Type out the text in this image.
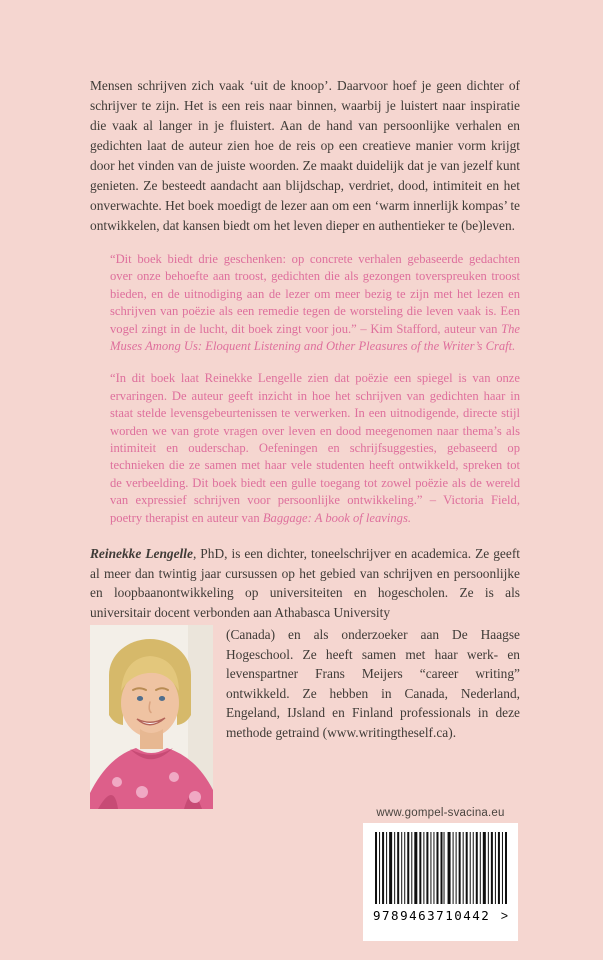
Mensen schrijven zich vaak ‘uit de knoop’. Daarvoor hoef je geen dichter of schrijver te zijn. Het is een reis naar binnen, waarbij je luistert naar inspiratie die vaak al langer in je fluistert. Aan de hand van persoonlijke verhalen en gedichten laat de auteur zien hoe de reis op een creatieve manier vorm krijgt door het vinden van de juiste woorden. Ze maakt duidelijk dat je van jezelf kunt genieten. Ze besteedt aandacht aan blijdschap, verdriet, dood, intimiteit en het onverwachte. Het boek moedigt de lezer aan om een ‘warm innerlijk kompas’ te ontwikkelen, dat kansen biedt om het leven dieper en authentieker te (be)leven.

“Dit boek biedt drie geschenken: op concrete verhalen gebaseerde gedachten over onze behoefte aan troost, gedichten die als gezongen toverspreuken troost bieden, en de uitnodiging aan de lezer om meer bezig te zijn met het lezen en schrijven van poëzie als een remedie tegen de worsteling die leven vaak is. Een vogel zingt in de lucht, dit boek zingt voor jou.” – Kim Stafford, auteur van The Muses Among Us: Eloquent Listening and Other Pleasures of the Writer’s Craft.

“In dit boek laat Reinekke Lengelle zien dat poëzie een spiegel is van onze ervaringen. De auteur geeft inzicht in hoe het schrijven van gedichten haar in staat stelde levensgebeurtenissen te verwerken. In een uitnodigende, directe stijl worden we van grote vragen over leven en dood meegenomen naar thema’s als intimiteit en ouderschap. Oefeningen en schrijfsuggesties, gebaseerd op technieken die ze samen met haar vele studenten heeft ontwikkeld, spreken tot de verbeelding. Dit boek biedt een gulle toegang tot zowel poëzie als de wereld van expressief schrijven voor persoonlijke ontwikkeling.” – Victoria Field, poetry therapist en auteur van Baggage: A book of leavings.

Reinekke Lengelle, PhD, is een dichter, toneelschrijver en academica. Ze geeft al meer dan twintig jaar cursussen op het gebied van schrijven en persoonlijke en loopbaanontwikkeling op universiteiten en hogescholen. Ze is als universitair docent verbonden aan Athabasca University

(Canada) en als onderzoeker aan De Haagse Hogeschool. Ze heeft samen met haar werk- en levenspartner Frans Meijers “career writing” ontwikkeld. Ze hebben in Canada, Nederland, Engeland, IJsland en Finland professionals in deze methode getraind (www.writingtheself.ca).

www.gompel-svacina.eu
9789463710442 >
